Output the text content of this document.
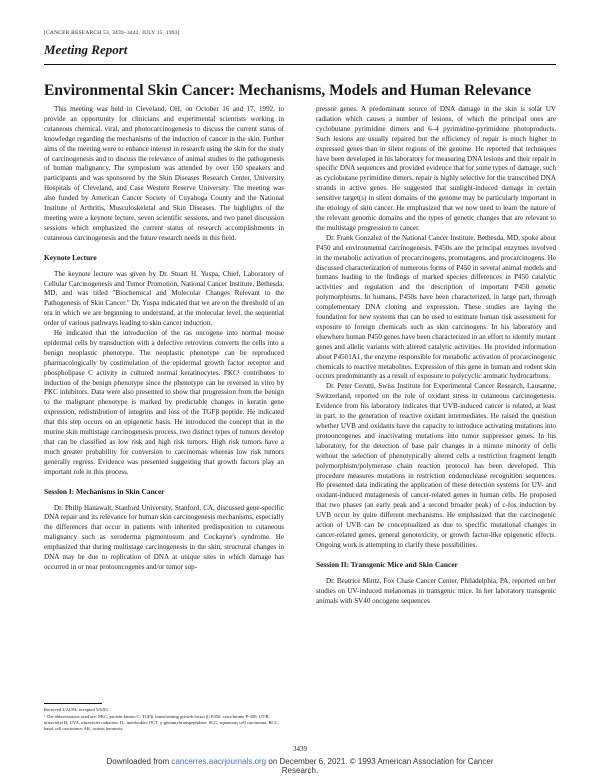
[CANCER RESEARCH 53, 3439–3442, JULY 15, 1993]
Meeting Report
Environmental Skin Cancer: Mechanisms, Models and Human Relevance

This meeting was held in Cleveland, OH, on October 16 and 17, 1992, to provide an opportunity for clinicians and experimental scientists working in cutaneous chemical, viral, and photocarcinogenesis to discuss the current status of knowledge regarding the mechanisms of the induction of cancer in the skin. Further aims of the meeting were to enhance interest in research using the skin for the study of carcinogenesis and to discuss the relevance of animal studies to the pathogenesis of human malignancy. The symposium was attended by over 150 speakers and participants and was sponsored by the Skin Diseases Research Center, University Hospitals of Cleveland, and Case Western Reserve University. The meeting was also funded by American Cancer Society of Cuyahoga County and the National Institute of Arthritis, Musculoskeletal and Skin Diseases. The highlights of the meeting were a keynote lecture, seven scientific sessions, and two panel discussion sessions which emphasized the current status of research accomplishments in cutaneous carcinogenesis and the future research needs in this field.

Keynote Lecture

The keynote lecture was given by Dr. Stuart H. Yuspa, Chief, Laboratory of Cellular Carcinogenesis and Tumor Promotion, National Cancer Institute, Bethesda, MD, and was titled "Biochemical and Molecular Changes Relevant to the Pathogenesis of Skin Cancer." Dr. Yuspa indicated that we are on the threshold of an era in which we are beginning to understand, at the molecular level, the sequential order of various pathways leading to skin cancer induction.

He indicated that the introduction of the ras oncogene into normal mouse epidermal cells by transduction with a defective retrovirus converts the cells into a benign neoplastic phenotype. The neoplastic phenotype can be reproduced pharmacologically by costimulation of the epidermal growth factor receptor and phospholipase C activity in cultured normal keratinocytes. PKC¹ contributes to induction of the benign phenotype since the phenotype can be reversed in vitro by PKC inhibitors. Data were also presented to show that progression from the benign to the malignant phenotype is marked by predictable changes in keratin gene expression, redistribution of integrins and loss of the TGFβ peptide. He indicated that this step occurs on an epigenetic basis. He introduced the concept that in the murine skin multistage carcinogenesis process, two distinct types of tumors develop that can be classified as low risk and high risk tumors. High risk tumors have a much greater probability for conversion to carcinomas whereas low risk tumors generally regress. Evidence was presented suggesting that growth factors play an important role in this process.

Session I: Mechanisms in Skin Cancer

Dr. Philip Hanawalt, Stanford University, Stanford, CA, discussed gene-specific DNA repair and its relevance for human skin carcinogenesis mechanisms, especially the differences that occur in patients with inherited predisposition to cutaneous malignancy such as xeroderma pigmentosum and Cockayne's syndrome. He emphasized that during multistage carcinogenesis in the skin, structural changes in DNA may be due to replication of DNA at unique sites in which damage has occurred in or near protooncogenes and/or tumor sup-

pressor genes. A predominant source of DNA damage in the skin is solar UV radiation which causes a number of lesions, of which the principal ones are cyclobutane pyrimidine dimers and 6–4 pyrimidine-pyrimidone photoproducts. Such lesions are usually repaired but the efficiency of repair is much higher in expressed genes than in silent regions of the genome. He reported that techniques have been developed in his laboratory for measuring DNA lesions and their repair in specific DNA sequences and provided evidence that for some types of damage, such as cyclobutane pyrimidine dimers, repair is highly selective for the transcribed DNA strands in active genes. He suggested that sunlight-induced damage in certain sensitive target(s) in silent domains of the genome may be particularly important in the etiology of skin cancer. He emphasized that we now need to learn the nature of the relevant genomic domains and the types of genetic changes that are relevant to the multistage progression to cancer.

Dr. Frank Gonzalez of the National Cancer Institute, Bethesda, MD, spoke about P450 and environmental carcinogenesis. P450s are the principal enzymes involved in the metabolic activation of procarcinogens, promutagens, and procarcinogens. He discussed characterization of numerous forms of P450 in several animal models and humans leading to the findings of marked species differences in P450 catalytic activities and regulation and the description of important P450 genetic polymorphisms. In humans, P450s have been characterized, in large part, through complementary DNA cloning and expression. These studies are laying the foundation for new systems that can be used to estimate human risk assessment for exposure to foreign chemicals such as skin carcinogens. In his laboratory and elsewhere human P450 genes have been characterized in an effort to identify mutant genes and allelic variants with altered catalytic activities. He provided information about P4501A1, the enzyme responsible for metabolic activation of procarcinogenic chemicals to reactive metabolites. Expression of this gene in human and rodent skin occurs predominantly as a result of exposure to polycyclic aromatic hydrocarbons.

Dr. Peter Cerutti, Swiss Institute for Experimental Cancer Research, Lausanne, Switzerland, reported on the role of oxidant stress in cutaneous carcinogenesis. Evidence from his laboratory indicates that UVB-induced cancer is related, at least in part, to the generation of reactive oxidant intermediates. He raised the question whether UVB and oxidants have the capacity to introduce activating mutations into protooncogenes and inactivating mutations into tumor suppressor genes. In his laboratory, for the detection of base pair changes in a minute minority of cells without the selection of phenotypically altered cells a restriction fragment length polymorphism/polymerase chain reaction protocol has been developed. This procedure measures mutations in restriction endonuclease recognition sequences. He presented data indicating the application of these detection systems for UV- and oxidant-induced mutagenesis of cancer-related genes in human cells. He proposed that two phases (an early peak and a second broader peak) of c-fos induction by UVB occur by quite different mechanisms. He emphasized that the carcinogenic action of UVB can be conceptualized as due to specific mutational changes in cancer-related genes, general genotoxicity, or growth factor-like epigenetic effects. Ongoing work is attempting to clarify these possibilities.

Session II: Transgenic Mice and Skin Cancer

Dr. Beatrice Mintz, Fox Chase Cancer Center, Philadelphia, PA, reported on her studies on UV-induced melanomas in transgenic mice. In her laboratory transgenic animals with SV40 oncogene sequences

Received 2/22/93; accepted 5/6/93.

¹ The abbreviations used are: PKC, protein kinase C; TGFβ, transforming growth factor β; P450, cytochrome P-450; UVB, ultraviolet B; UVA, ultraviolet radiation; IL, interleukin; OCT, γ-glutamyltranspeptidase; SCC, squamous cell carcinoma; BCC, basal cell carcinoma; AK, actinic keratosis.

3439
Downloaded from cancerres.aacrjournals.org on December 6, 2021. © 1993 American Association for Cancer
Research.
